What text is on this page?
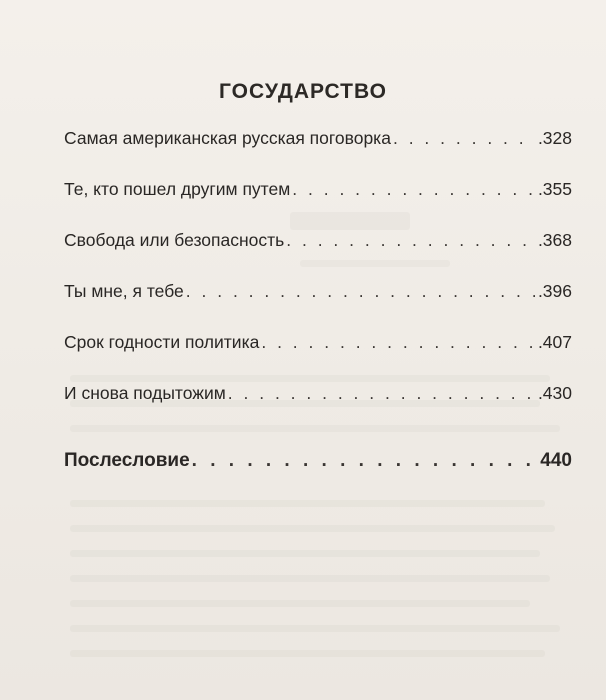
ГОСУДАРСТВО
Самая американская русская поговорка . . .	.328
Те, кто пошел другим путем . . .	.355
Свобода или безопасность . . .	.368
Ты мне, я тебе . . .	.396
Срок годности политика . . .	.407
И снова подытожим . . .	.430
Послесловие . . .	440
